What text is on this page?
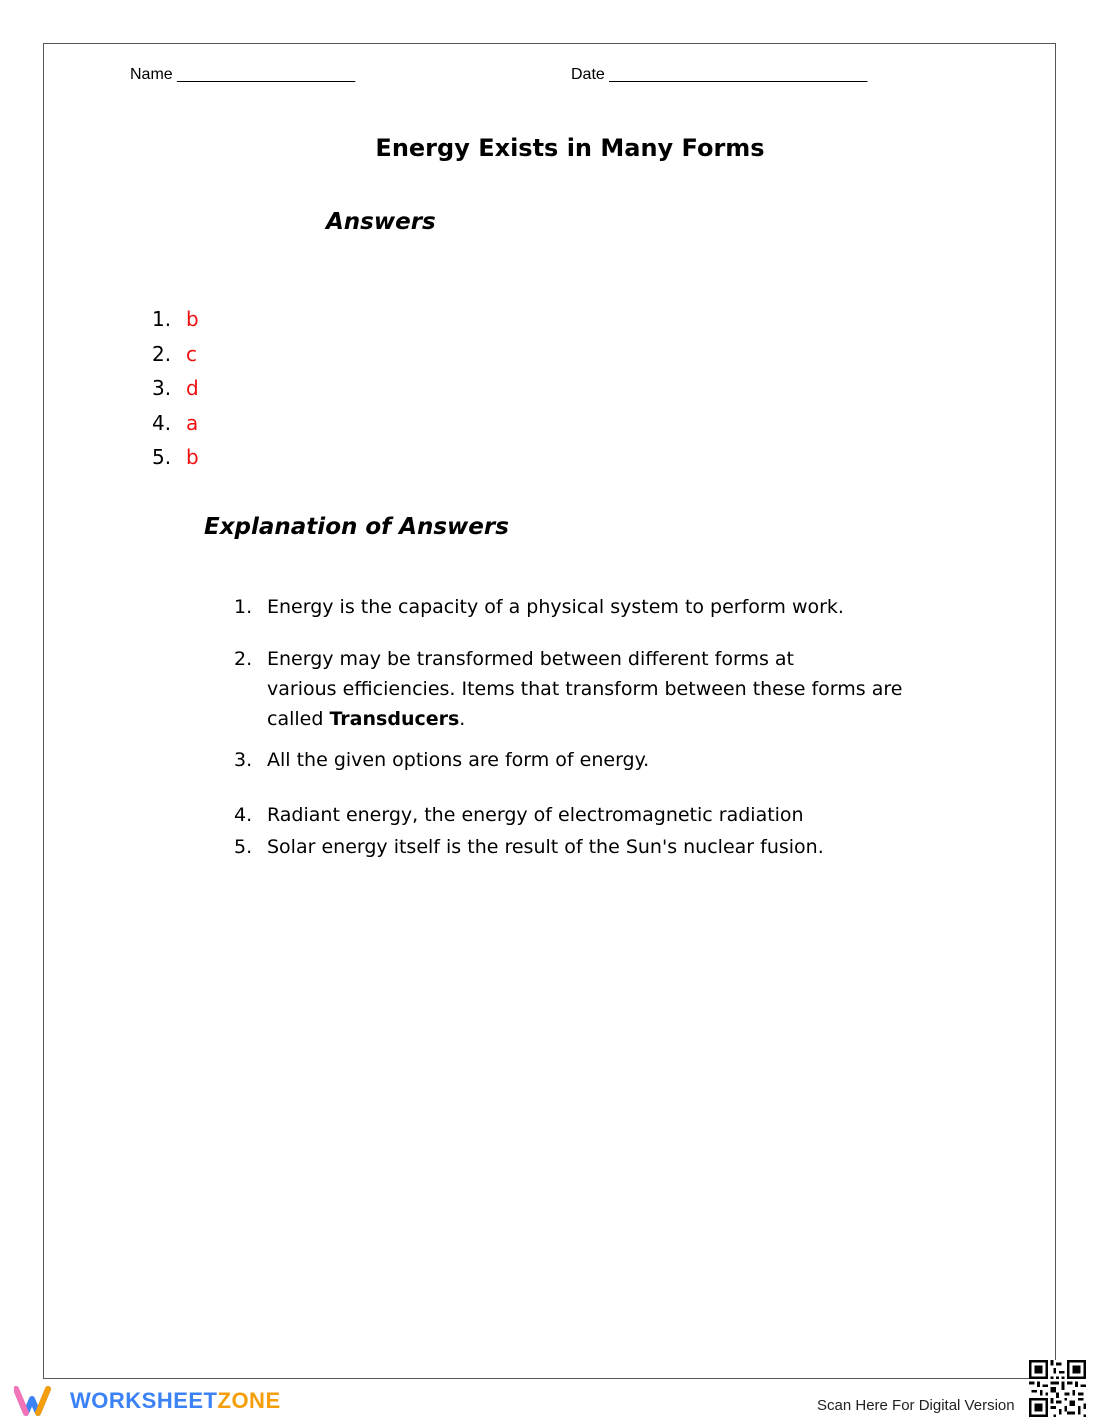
Name ____________________	Date _____________________________
Energy Exists in Many Forms
Answers
1. b
2. c
3. d
4. a
5. b
Explanation of Answers
1. Energy is the capacity of a physical system to perform work.
2. Energy may be transformed between different forms at
various efficiencies. Items that transform between these forms are
called Transducers.
3. All the given options are form of energy.
4. Radiant energy, the energy of electromagnetic radiation
5. Solar energy itself is the result of the Sun's nuclear fusion.
WORKSHEETZONE	Scan Here For Digital Version
